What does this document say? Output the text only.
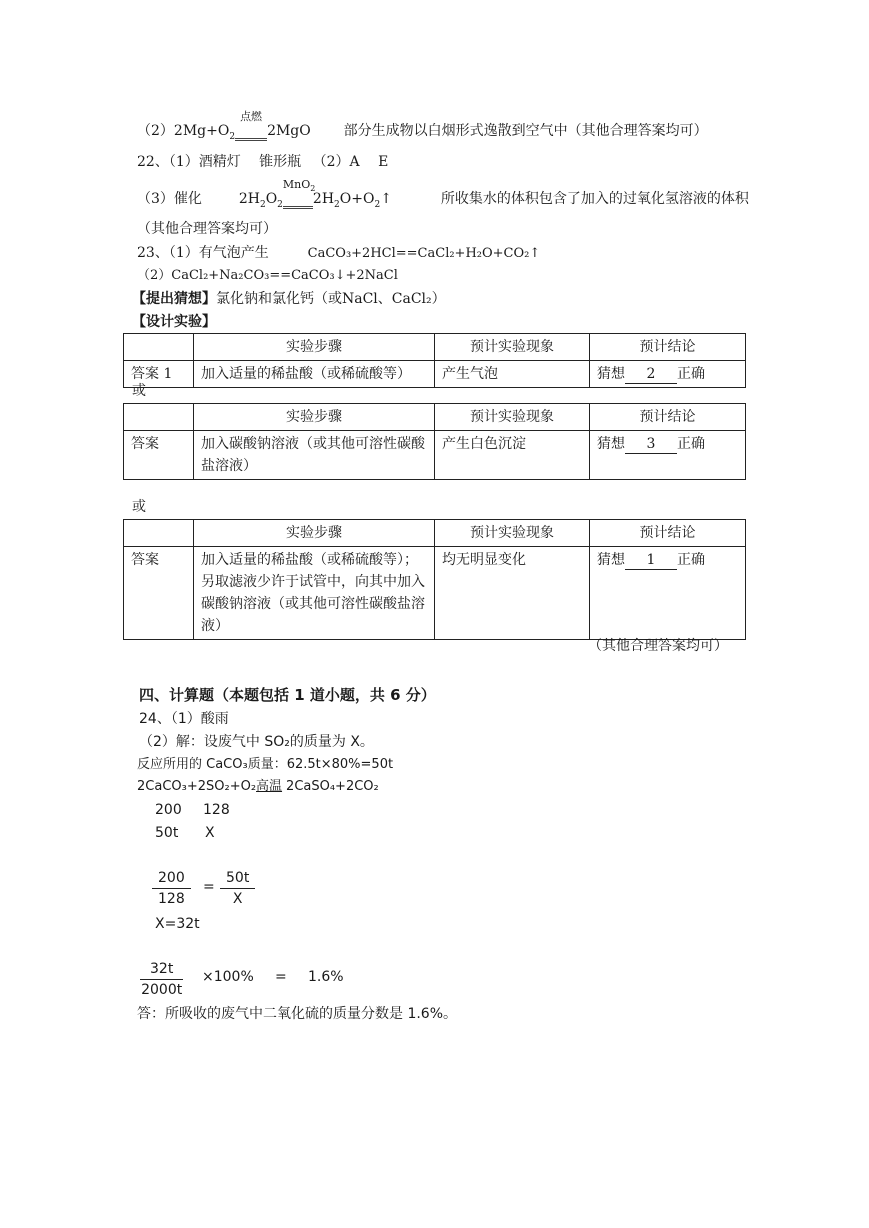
$(2)2Mg+O_2$
点燃
2MgO 部分生成物以白烟形式逸散到空气中（其他合理答案均可）
22、（1）酒精灯　 锥形瓶 　（2）A　 E
（3）催化	$2H_2O_2$
MnO$_2$
$2H_2O+O_2↑$	所收集水的体积包含了加入的过氧化氢溶液的体积
（其他合理答案均可）
23、（1）有气泡产生	CaCO₃+2HCl==CaCl₂+H₂O+CO₂↑
（2）CaCl₂+Na₂CO₃==CaCO₃↓+2NaCl
【提出猜想】氯化钠和氯化钙（或NaCl、CaCl₂）
【设计实验】
	实验步骤	预计实验现象	预计结论
答案 1	加入适量的稀盐酸（或稀硫酸等）	产生气泡	猜想 2 正确
或
	实验步骤	预计实验现象	预计结论
答案	加入碳酸钠溶液（或其他可溶性碳酸盐溶液）	产生白色沉淀	猜想 3 正确
或
	实验步骤	预计实验现象	预计结论
答案	加入适量的稀盐酸（或稀硫酸等）；另取滤液少许于试管中，向其中加入碳酸钠溶液（或其他可溶性碳酸盐溶液）	均无明显变化	猜想 1 正确
（其他合理答案均可）
四、计算题（本题包括 1 道小题，共 6 分）
24、（1）酸雨
（2）解：设废气中 SO₂的质量为 X。
反应所用的 CaCO₃质量：62.5t×80%=50t
2CaCO₃+2SO₂+O₂高温 2CaSO₄+2CO₂
200 128
50t X
$\frac{200}{128} = \frac{50t}{X}$
X=32t
$\frac{32t}{2000t} \times 100\% = 1.6\%$
答：所吸收的废气中二氧化硫的质量分数是 1.6%。
